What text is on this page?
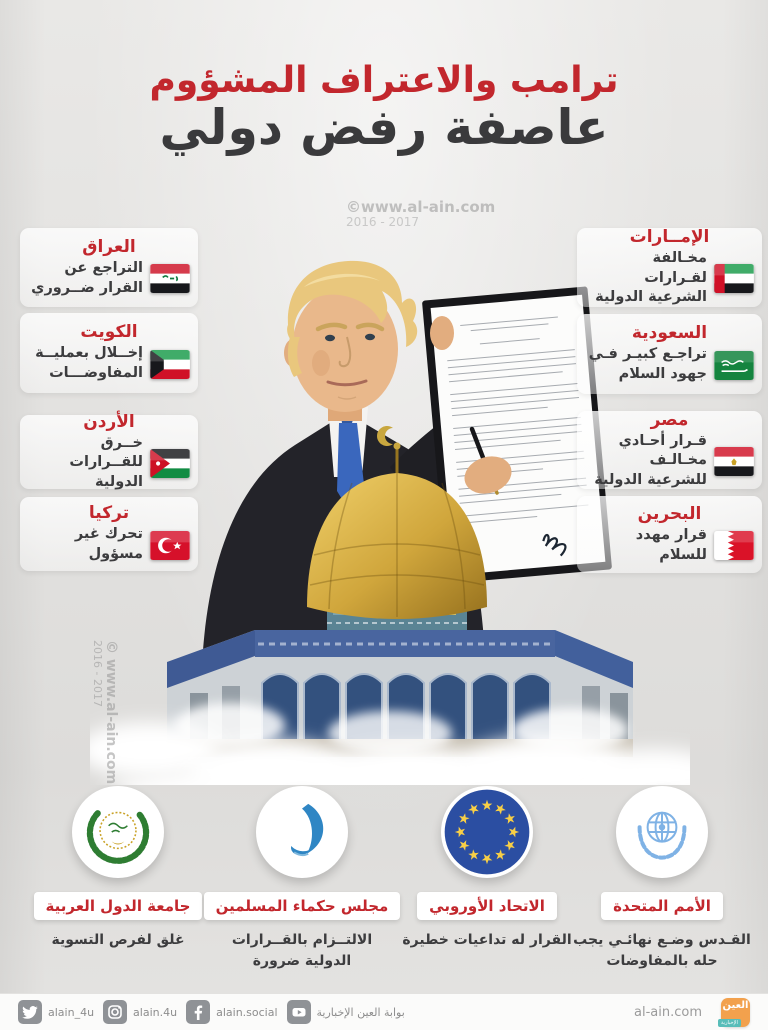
ترامب والاعتراف المشؤوم
عاصفة رفض دولي
©www.al-ain.com
2016 - 2017
© www.al-ain.com
2016 - 2017
العراق
التراجع عن القرار ضــروري
الكويت
إخــلال بعمليــة المفاوضـــات
الأردن
خــرق للقــرارات الدولية
تركيا
تحرك غير مسؤول
الإمــارات
مخـالفة لقـرارات الشرعية الدولية
السعودية
تراجـع كبيـر فـي جهود السلام
مصر
قـرار أحـادي مخـالـف للشرعية الدولية
البحرين
قرار مهدد للسلام
جامعة الدول العربية
غلق لفرص التسوية
مجلس حكماء المسلمين
الالتــزام بالقــرارات الدولية ضرورة
الاتحاد الأوروبي
القرار له تداعيات خطيرة
الأمم المتحدة
القـدس وضـع نهائـي يجب حله بالمفاوضات
alain_4u	alain.4u	alain.social	بوابة العين الإخبارية	al-ain.com العين
الإخبارية
